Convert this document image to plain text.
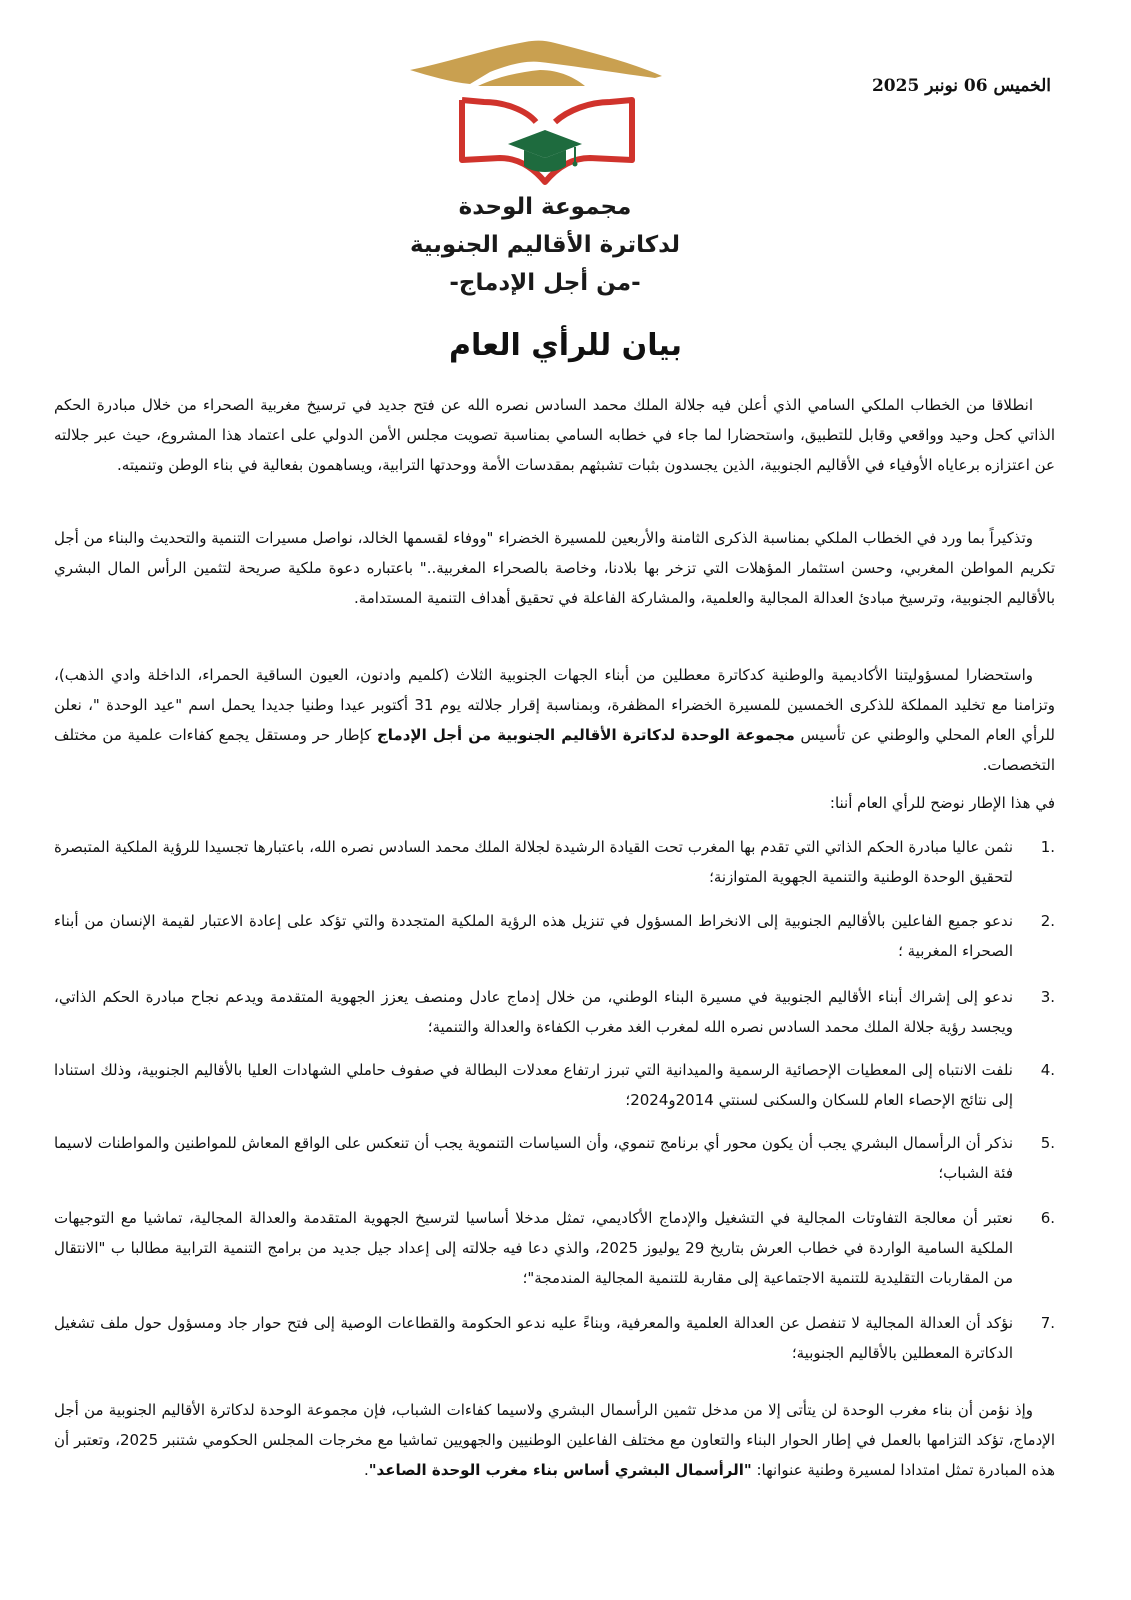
الخميس 06 نونبر 2025
مجموعة الوحدة
لدكاترة الأقاليم الجنوبية
-من أجل الإدماج-
بيان للرأي العام

انطلاقا من الخطاب الملكي السامي الذي أعلن فيه جلالة الملك محمد السادس نصره الله عن فتح جديد في ترسيخ مغربية الصحراء من خلال مبادرة الحكم الذاتي كحل وحيد وواقعي وقابل للتطبيق، واستحضارا لما جاء في خطابه السامي بمناسبة تصويت مجلس الأمن الدولي على اعتماد هذا المشروع، حيث عبر جلالته عن اعتزازه برعاياه الأوفياء في الأقاليم الجنوبية، الذين يجسدون بثبات تشبثهم بمقدسات الأمة ووحدتها الترابية، ويساهمون بفعالية في بناء الوطن وتنميته.

وتذكيراً بما ورد في الخطاب الملكي بمناسبة الذكرى الثامنة والأربعين للمسيرة الخضراء "ووفاء لقسمها الخالد، نواصل مسيرات التنمية والتحديث والبناء من أجل تكريم المواطن المغربي، وحسن استثمار المؤهلات التي تزخر بها بلادنا، وخاصة بالصحراء المغربية.." باعتباره دعوة ملكية صريحة لتثمين الرأس المال البشري بالأقاليم الجنوبية، وترسيخ مبادئ العدالة المجالية والعلمية، والمشاركة الفاعلة في تحقيق أهداف التنمية المستدامة.

واستحضارا لمسؤوليتنا الأكاديمية والوطنية كدكاترة معطلين من أبناء الجهات الجنوبية الثلاث (كلميم وادنون، العيون الساقية الحمراء، الداخلة وادي الذهب)، وتزامنا مع تخليد المملكة للذكرى الخمسين للمسيرة الخضراء المظفرة، وبمناسبة إقرار جلالته يوم 31 أكتوبر عيدا وطنيا جديدا يحمل اسم "عيد الوحدة "، نعلن للرأي العام المحلي والوطني عن تأسيس مجموعة الوحدة لدكاترة الأقاليم الجنوبية من أجل الإدماج كإطار حر ومستقل يجمع كفاءات علمية من مختلف التخصصات.

في هذا الإطار نوضح للرأي العام أننا:

1.
نثمن عاليا مبادرة الحكم الذاتي التي تقدم بها المغرب تحت القيادة الرشيدة لجلالة الملك محمد السادس نصره الله، باعتبارها تجسيدا للرؤية الملكية المتبصرة لتحقيق الوحدة الوطنية والتنمية الجهوية المتوازنة؛
2.
ندعو جميع الفاعلين بالأقاليم الجنوبية إلى الانخراط المسؤول في تنزيل هذه الرؤية الملكية المتجددة والتي تؤكد على إعادة الاعتبار لقيمة الإنسان من أبناء الصحراء المغربية ؛
3.
ندعو إلى إشراك أبناء الأقاليم الجنوبية في مسيرة البناء الوطني، من خلال إدماج عادل ومنصف يعزز الجهوية المتقدمة ويدعم نجاح مبادرة الحكم الذاتي، ويجسد رؤية جلالة الملك محمد السادس نصره الله لمغرب الغد مغرب الكفاءة والعدالة والتنمية؛
4.
نلفت الانتباه إلى المعطيات الإحصائية الرسمية والميدانية التي تبرز ارتفاع معدلات البطالة في صفوف حاملي الشهادات العليا بالأقاليم الجنوبية، وذلك استنادا إلى نتائج الإحصاء العام للسكان والسكنى لسنتي 2014و2024؛
5.
نذكر أن الرأسمال البشري يجب أن يكون محور أي برنامج تنموي، وأن السياسات التنموية يجب أن تنعكس على الواقع المعاش للمواطنين والمواطنات لاسيما فئة الشباب؛
6.
نعتبر أن معالجة التفاوتات المجالية في التشغيل والإدماج الأكاديمي، تمثل مدخلا أساسيا لترسيخ الجهوية المتقدمة والعدالة المجالية، تماشيا مع التوجيهات الملكية السامية الواردة في خطاب العرش بتاريخ 29 يوليوز 2025، والذي دعا فيه جلالته إلى إعداد جيل جديد من برامج التنمية الترابية مطالبا ب "الانتقال من المقاربات التقليدية للتنمية الاجتماعية إلى مقاربة للتنمية المجالية المندمجة"؛
7.
نؤكد أن العدالة المجالية لا تنفصل عن العدالة العلمية والمعرفية، وبناءً عليه ندعو الحكومة والقطاعات الوصية إلى فتح حوار جاد ومسؤول حول ملف تشغيل الدكاترة المعطلين بالأقاليم الجنوبية؛

وإذ نؤمن أن بناء مغرب الوحدة لن يتأتى إلا من مدخل تثمين الرأسمال البشري ولاسيما كفاءات الشباب، فإن مجموعة الوحدة لدكاترة الأقاليم الجنوبية من أجل الإدماج، تؤكد التزامها بالعمل في إطار الحوار البناء والتعاون مع مختلف الفاعلين الوطنيين والجهويين تماشيا مع مخرجات المجلس الحكومي شتنبر 2025، وتعتبر أن هذه المبادرة تمثل امتدادا لمسيرة وطنية عنوانها: "الرأسمال البشري أساس بناء مغرب الوحدة الصاعد".
